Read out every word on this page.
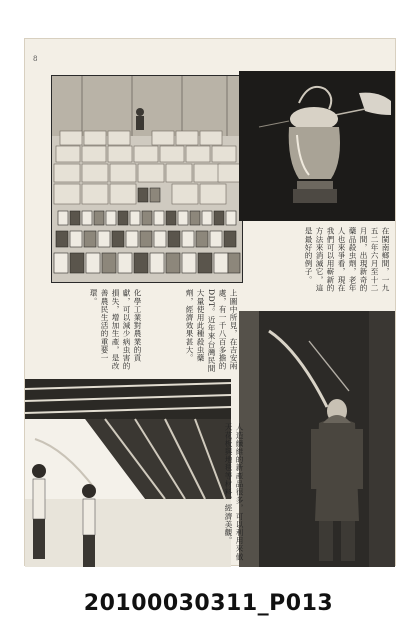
8
在閩南鄉間，一九五二年六月至十二月間，出現新奇的藥品殺虫劑，老年人也來爭看，現在我們可以用嶄新的方法來消滅它，這是最好的例子。
上圖中所見，在吉安兩處，有一千八百多擔的DDT。近年來台灣民間大量使用此種殺虫藥劑，經濟效果甚大。
化學工業對農業的貢獻，可以減少病虫害的損失，增加生產，是改善農民生活的重要一環。
人造纖維的新產品很多，可以利用來做天花板與地毯等材料，經濟美觀。
20100030311_P013
